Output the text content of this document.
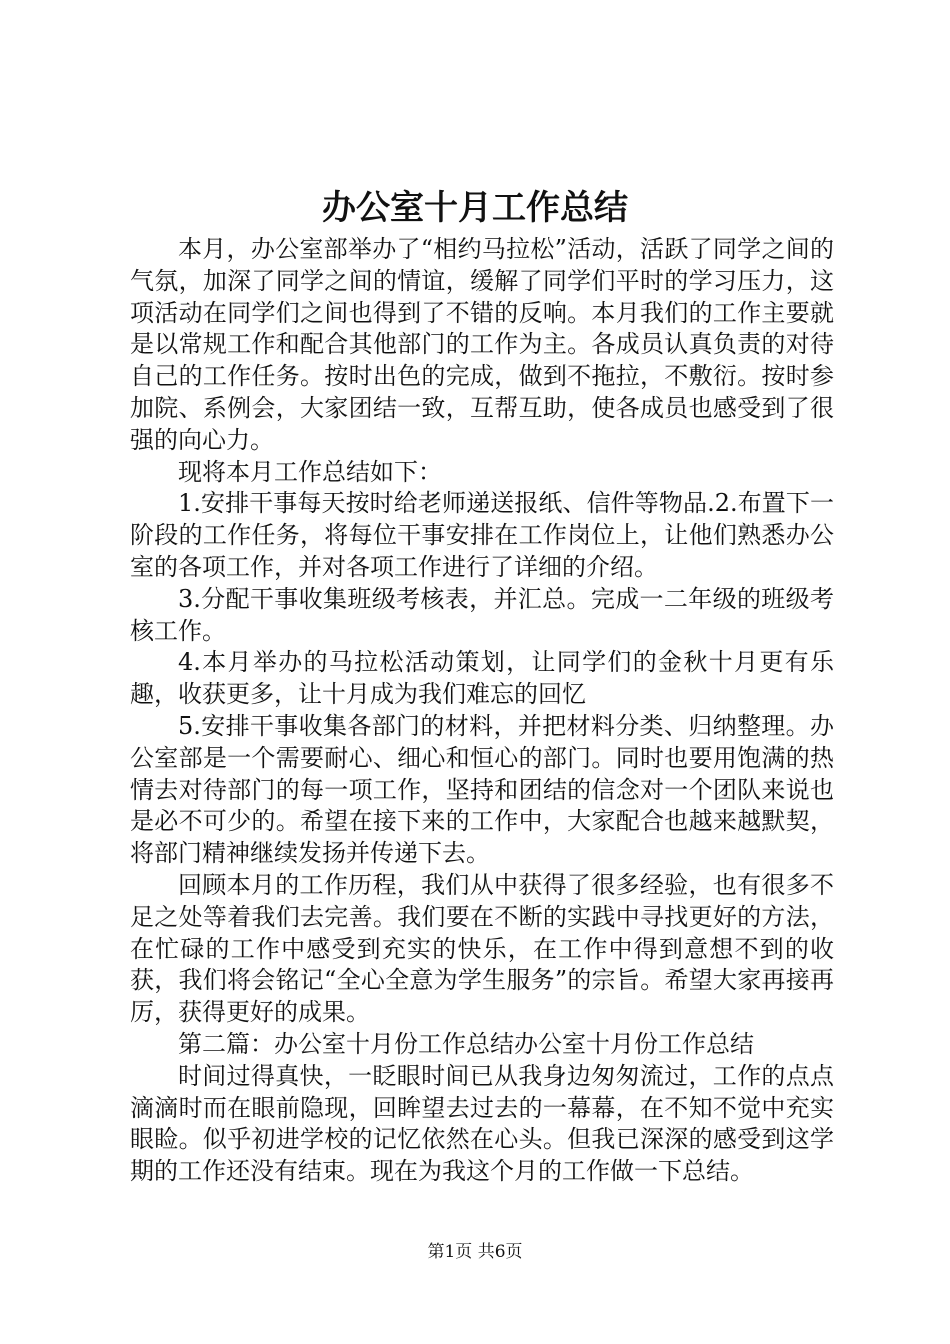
办公室十月工作总结

本月，办公室部举办了“相约马拉松”活动，活跃了同学之间的气氛，加深了同学之间的情谊，缓解了同学们平时的学习压力，这项活动在同学们之间也得到了不错的反响。本月我们的工作主要就是以常规工作和配合其他部门的工作为主。各成员认真负责的对待自己的工作任务。按时出色的完成，做到不拖拉，不敷衍。按时参加院、系例会，大家团结一致，互帮互助，使各成员也感受到了很强的向心力。

现将本月工作总结如下：

1.安排干事每天按时给老师递送报纸、信件等物品.2.布置下一阶段的工作任务，将每位干事安排在工作岗位上，让他们熟悉办公室的各项工作，并对各项工作进行了详细的介绍。

3.分配干事收集班级考核表，并汇总。完成一二年级的班级考核工作。

4.本月举办的马拉松活动策划，让同学们的金秋十月更有乐趣，收获更多，让十月成为我们难忘的回忆

5.安排干事收集各部门的材料，并把材料分类、归纳整理。办公室部是一个需要耐心、细心和恒心的部门。同时也要用饱满的热情去对待部门的每一项工作，坚持和团结的信念对一个团队来说也是必不可少的。希望在接下来的工作中，大家配合也越来越默契，将部门精神继续发扬并传递下去。

回顾本月的工作历程，我们从中获得了很多经验，也有很多不足之处等着我们去完善。我们要在不断的实践中寻找更好的方法，在忙碌的工作中感受到充实的快乐，在工作中得到意想不到的收获，我们将会铭记“全心全意为学生服务”的宗旨。希望大家再接再厉，获得更好的成果。

第二篇：办公室十月份工作总结办公室十月份工作总结

时间过得真快，一眨眼时间已从我身边匆匆流过，工作的点点滴滴时而在眼前隐现，回眸望去过去的一幕幕，在不知不觉中充实眼睑。似乎初进学校的记忆依然在心头。但我已深深的感受到这学期的工作还没有结束。现在为我这个月的工作做一下总结。

第1页 共6页
